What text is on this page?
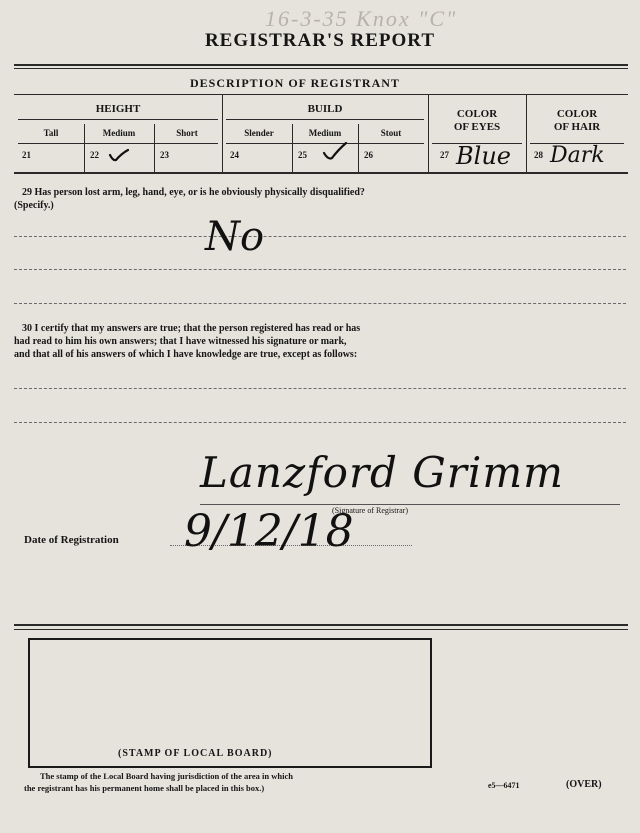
16-3-35 Knox "C"
REGISTRAR'S REPORT
DESCRIPTION OF REGISTRANT
HEIGHT
Tall	Medium	Short
21	22	23
BUILD
Slender	Medium	Stout
24	25	26
COLOR
OF EYES
27 Blue
COLOR
OF HAIR
28 Dark
29 Has person lost arm, leg, hand, eye, or is he obviously physically disqualified?
(Specify.)
No
30 I certify that my answers are true; that the person registered has read or has
had read to him his own answers; that I have witnessed his signature or mark,
and that all of his answers of which I have knowledge are true, except as follows:
Lanzford Grimm
(Signature of Registrar)
Date of Registration 9/12/18
(STAMP OF LOCAL BOARD)
The stamp of the Local Board having jurisdiction of the area in which
the registrant has his permanent home shall be placed in this box.)	e5—6471	(OVER)
